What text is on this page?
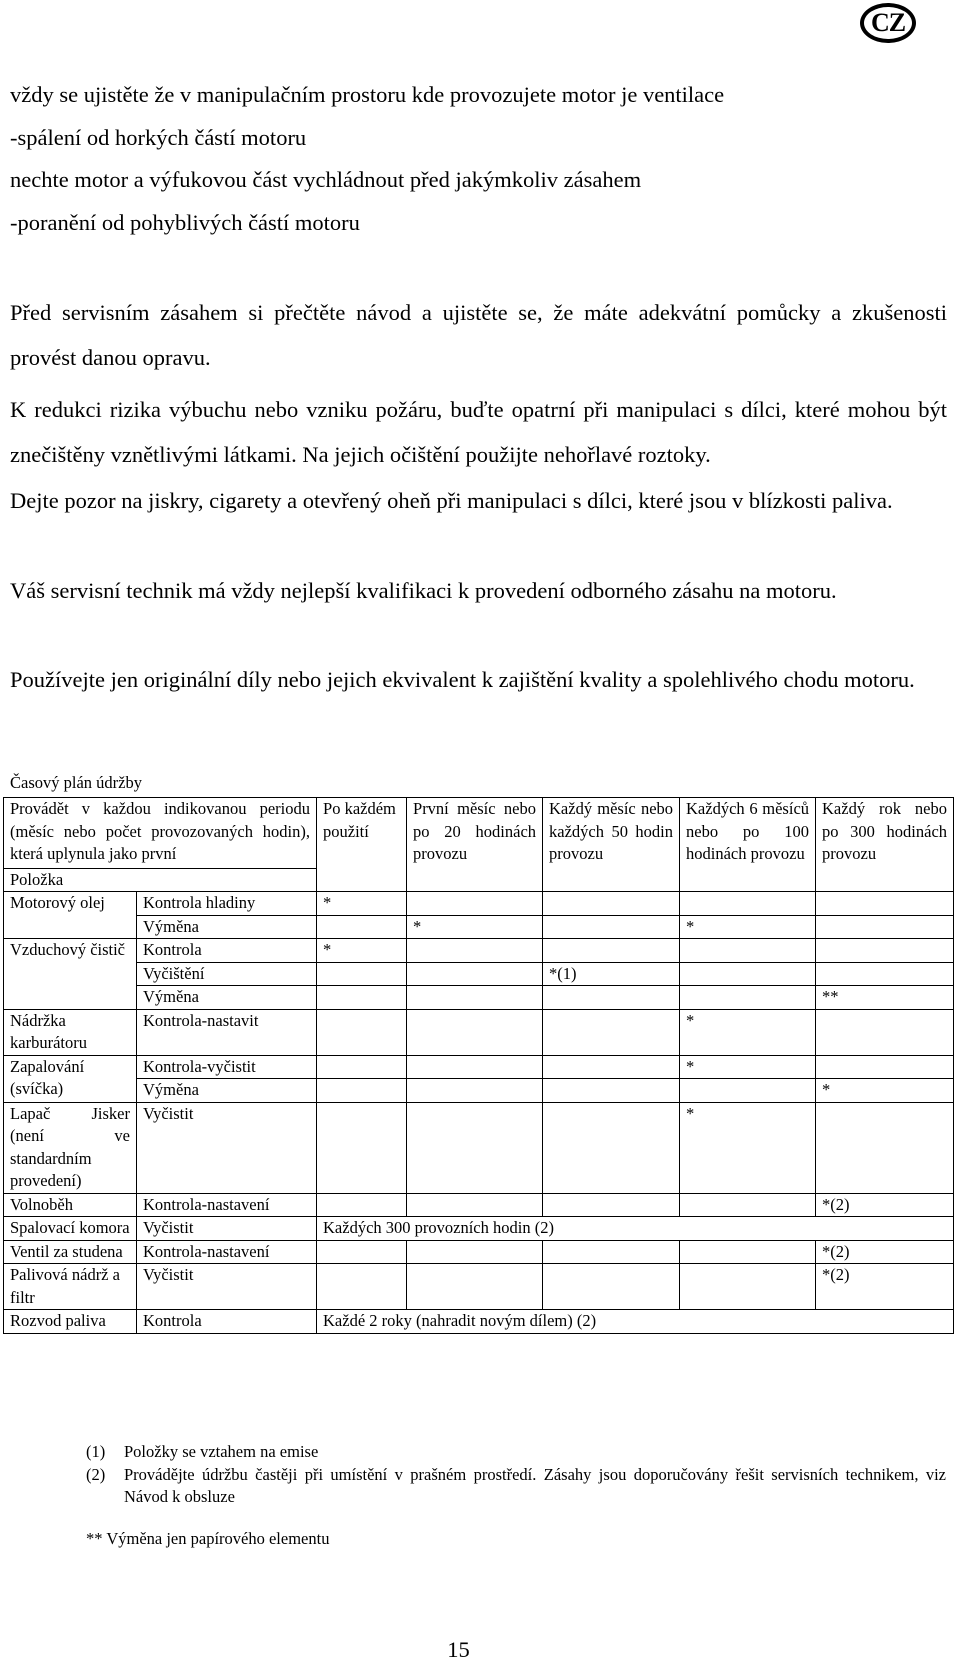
CZ
vždy se ujistěte že v manipulačním prostoru kde provozujete motor je ventilace
-spálení od horkých částí motoru
nechte motor a výfukovou část vychládnout před jakýmkoliv zásahem
-poranění od pohyblivých částí motoru

Před servisním zásahem si přečtěte návod a ujistěte se, že máte adekvátní pomůcky a zkušenosti provést danou opravu.

K redukci rizika výbuchu nebo vzniku požáru, buďte opatrní při manipulaci s dílci, které mohou být znečištěny vznětlivými látkami. Na jejich očištění použijte nehořlavé roztoky.

Dejte pozor na jiskry, cigarety a otevřený oheň při manipulaci s dílci, které jsou v blízkosti paliva.

Váš servisní technik má vždy nejlepší kvalifikaci k provedení odborného zásahu na motoru.

Používejte jen originální díly nebo jejich ekvivalent k zajištění kvality a spolehlivého chodu motoru.

Časový plán údržby
Provádět v každou indikovanou periodu (měsíc nebo počet provozovaných hodin), která uplynula jako první		Po každém použití	První měsíc nebo po 20 hodinách provozu	Každý měsíc nebo každých 50 hodin provozu	Každých 6 měsíců nebo po 100 hodinách provozu	Každý rok nebo po 300 hodinách provozu
Položka						
Motorový olej	Kontrola hladiny	*				
	Výměna		*		*	
Vzduchový čistič	Kontrola	*				
	Vyčištění			*(1)		
	Výměna					**
Nádržka karburátoru	Kontrola-nastavit				*	
Zapalování (svíčka)	Kontrola-vyčistit				*	
	Výměna					*
Lapač Jisker (není ve standardním provedení)	Vyčistit				*	
Volnoběh	Kontrola-nastavení					*(2)
Spalovací komora	Vyčistit	Každých 300 provozních hodin (2)				
Ventil za studena	Kontrola-nastavení					*(2)
Palivová nádrž a filtr	Vyčistit					*(2)
Rozvod paliva	Kontrola	Každé 2 roky (nahradit novým dílem) (2)				
(1)	Položky se vztahem na emise
(2)	Provádějte údržbu častěji při umístění v prašném prostředí. Zásahy jsou doporučovány řešit servisních technikem, viz Návod k obsluze
** Výměna jen papírového elementu
15
